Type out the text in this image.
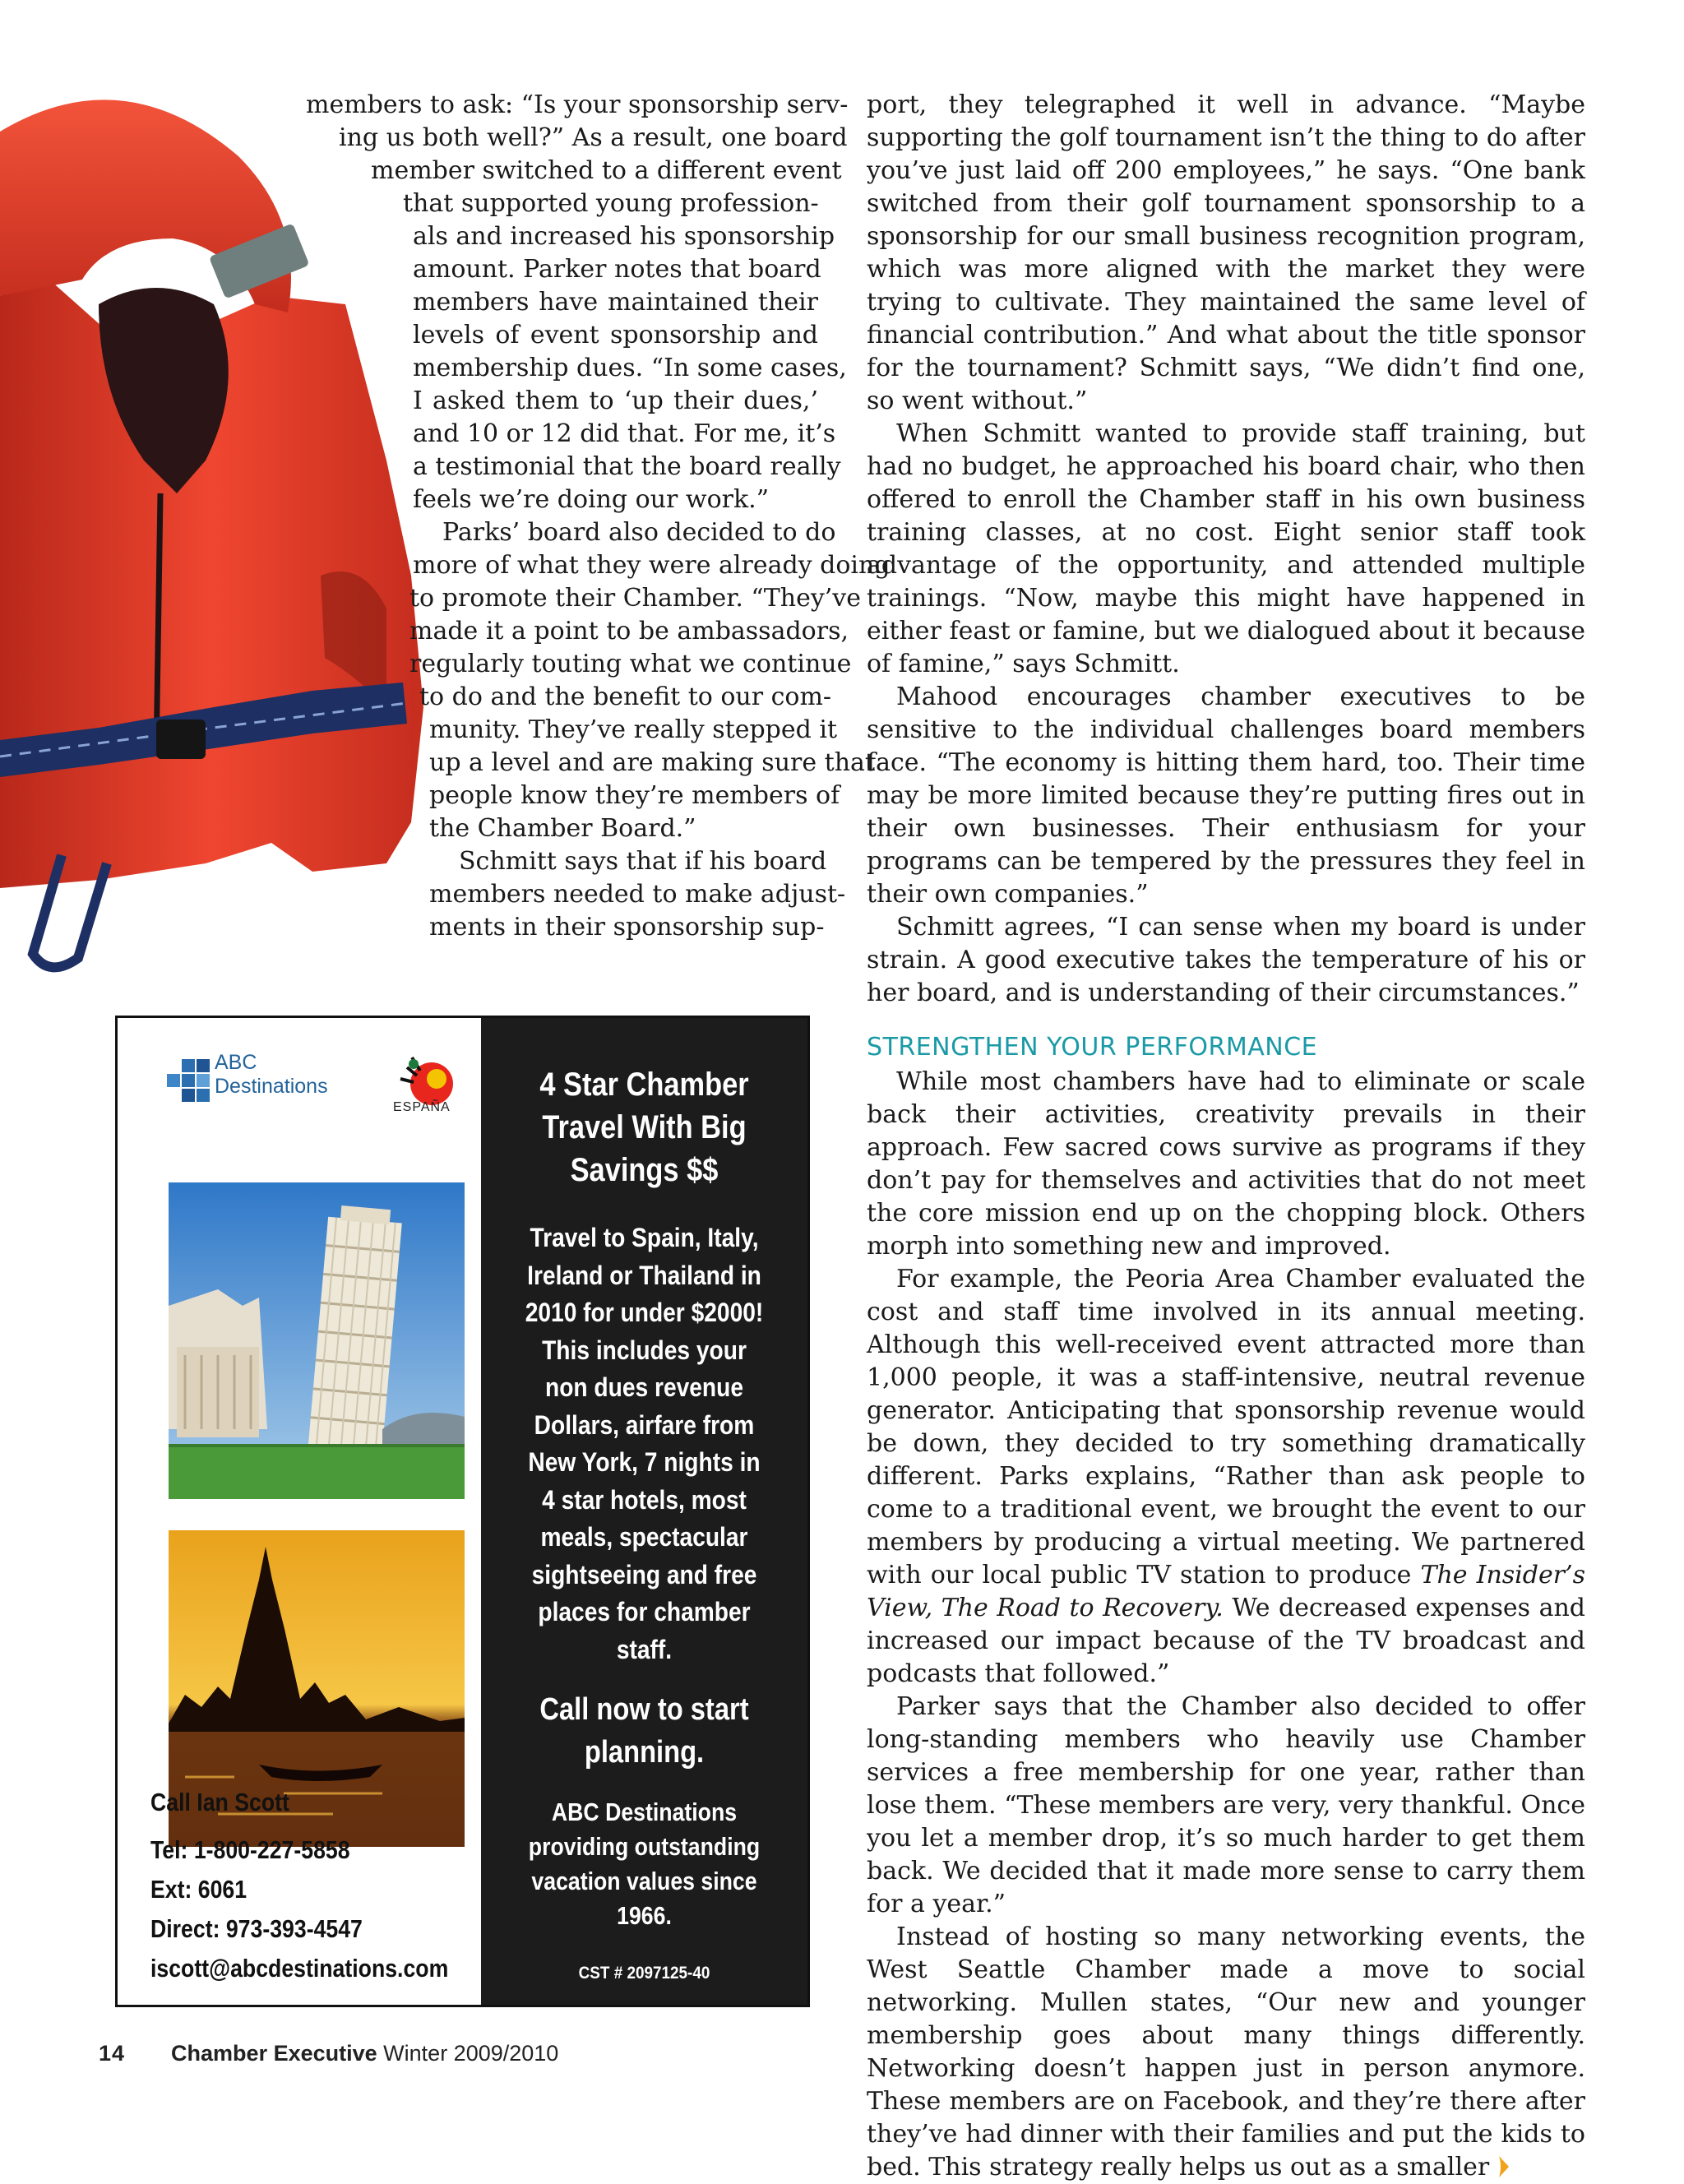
members to ask: “Is your sponsorship serv-
ing us both well?” As a result, one board
member switched to a different event
that supported young profession-
als and increased his sponsorship
amount. Parker notes that board
members have maintained their
levels of event sponsorship and
membership dues. “In some cases,
I asked them to ‘up their dues,’
and 10 or 12 did that. For me, it’s
a testimonial that the board really
feels we’re doing our work.”
Parks’ board also decided to do
more of what they were already doing
to promote their Chamber. “They’ve
made it a point to be ambassadors,
regularly touting what we continue
to do and the benefit to our com-
munity. They’ve really stepped it
up a level and are making sure that
people know they’re members of
the Chamber Board.”
Schmitt says that if his board
members needed to make adjust-
ments in their sponsorship sup-

port, they telegraphed it well in advance. “Maybe supporting the golf tournament isn’t the thing to do after you’ve just laid off 200 employees,” he says. “One bank switched from their golf tournament sponsorship to a sponsorship for our small business recognition program, which was more aligned with the market they were trying to cultivate. They maintained the same level of financial contribution.” And what about the title sponsor for the tournament? Schmitt says, “We didn’t find one, so went without.”

When Schmitt wanted to provide staff training, but had no budget, he approached his board chair, who then offered to enroll the Chamber staff in his own business training classes, at no cost. Eight senior staff took advantage of the opportunity, and attended multiple trainings. “Now, maybe this might have happened in either feast or famine, but we dialogued about it because of famine,” says Schmitt.

Mahood encourages chamber executives to be sensitive to the individual challenges board members face. “The economy is hitting them hard, too. Their time may be more limited because they’re putting fires out in their own businesses. Their enthusiasm for your programs can be tempered by the pressures they feel in their own companies.”

Schmitt agrees, “I can sense when my board is under strain. A good executive takes the temperature of his or her board, and is understanding of their circumstances.”

STRENGTHEN YOUR PERFORMANCE

While most chambers have had to eliminate or scale back their activities, creativity prevails in their approach. Few sacred cows survive as programs if they don’t pay for themselves and activities that do not meet the core mission end up on the chopping block. Others morph into something new and improved.

For example, the Peoria Area Chamber evaluated the cost and staff time involved in its annual meeting. Although this well-received event attracted more than 1,000 people, it was a staff-intensive, neutral revenue generator. Anticipating that sponsorship revenue would be down, they decided to try something dramatically different. Parks explains, “Rather than ask people to come to a traditional event, we brought the event to our members by producing a virtual meeting. We partnered with our local public TV station to produce The Insider’s View, The Road to Recovery. We decreased expenses and increased our impact because of the TV broadcast and podcasts that followed.”

Parker says that the Chamber also decided to offer long-standing members who heavily use Chamber services a free membership for one year, rather than lose them. “These members are very, very thankful. Once you let a member drop, it’s so much harder to get them back. We decided that it made more sense to carry them for a year.”

Instead of hosting so many networking events, the West Seattle Chamber made a move to social networking. Mullen states, “Our new and younger membership goes about many things differently. Networking doesn’t happen just in person anymore. These members are on Facebook, and they’re there after they’ve had dinner with their families and put the kids to bed. This strategy really helps us out as a smaller

ABC
Destinations
ESPAÑA
Call Ian Scott
Tel: 1-800-227-5858
Ext: 6061
Direct: 973-393-4547
iscott@abcdestinations.com
4 Star Chamber
Travel With Big
Savings $$
Travel to Spain, Italy,
Ireland or Thailand in
2010 for under $2000!
This includes your
non dues revenue
Dollars, airfare from
New York, 7 nights in
4 star hotels, most
meals, spectacular
sightseeing and free
places for chamber
staff.
Call now to start
planning.
ABC Destinations
providing outstanding
vacation values since
1966.
CST # 2097125-40
14 Chamber Executive Winter 2009/2010
